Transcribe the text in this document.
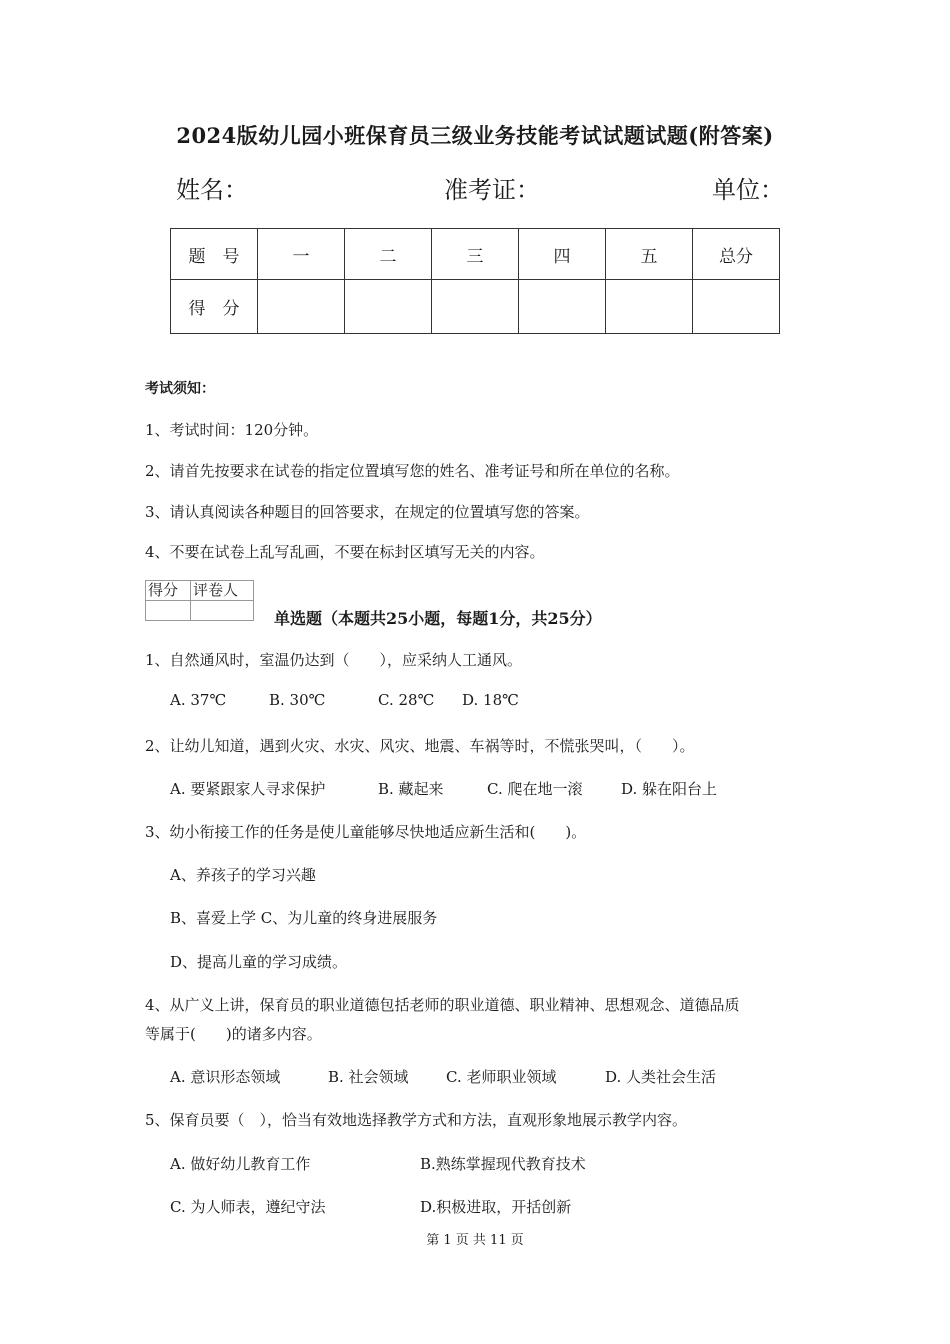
2024版幼儿园小班保育员三级业务技能考试试题试题(附答案)
姓名：	准考证：	单位：
题　号	一	二	三	四	五	总分
得　分						
考试须知：
1、考试时间：120分钟。
2、请首先按要求在试卷的指定位置填写您的姓名、准考证号和所在单位的名称。
3、请认真阅读各种题目的回答要求，在规定的位置填写您的答案。
4、不要在试卷上乱写乱画，不要在标封区填写无关的内容。
得分	评卷人

单选题（本题共25小题，每题1分，共25分）
1、自然通风时，室温仍达到（　　），应采纳人工通风。
A. 37℃	B. 30℃	C. 28℃ D. 18℃
2、让幼儿知道，遇到火灾、水灾、风灾、地震、车祸等时，不慌张哭叫，（　　）。
A. 要紧跟家人寻求保护	B. 藏起来	C. 爬在地一滚	D. 躲在阳台上
3、幼小衔接工作的任务是使儿童能够尽快地适应新生活和(　　)。
A、养孩子的学习兴趣
B、喜爱上学 C、为儿童的终身进展服务
D、提高儿童的学习成绩。
4、从广义上讲，保育员的职业道德包括老师的职业道德、职业精神、思想观念、道德品质
等属于(　　)的诸多内容。
A. 意识形态领域	B. 社会领域 C. 老师职业领域	D. 人类社会生活
5、保育员要（　），恰当有效地选择教学方式和方法，直观形象地展示教学内容。
A. 做好幼儿教育工作	B.熟练掌握现代教育技术
C. 为人师表，遵纪守法	D.积极进取，开括创新
第 1 页 共 11 页
